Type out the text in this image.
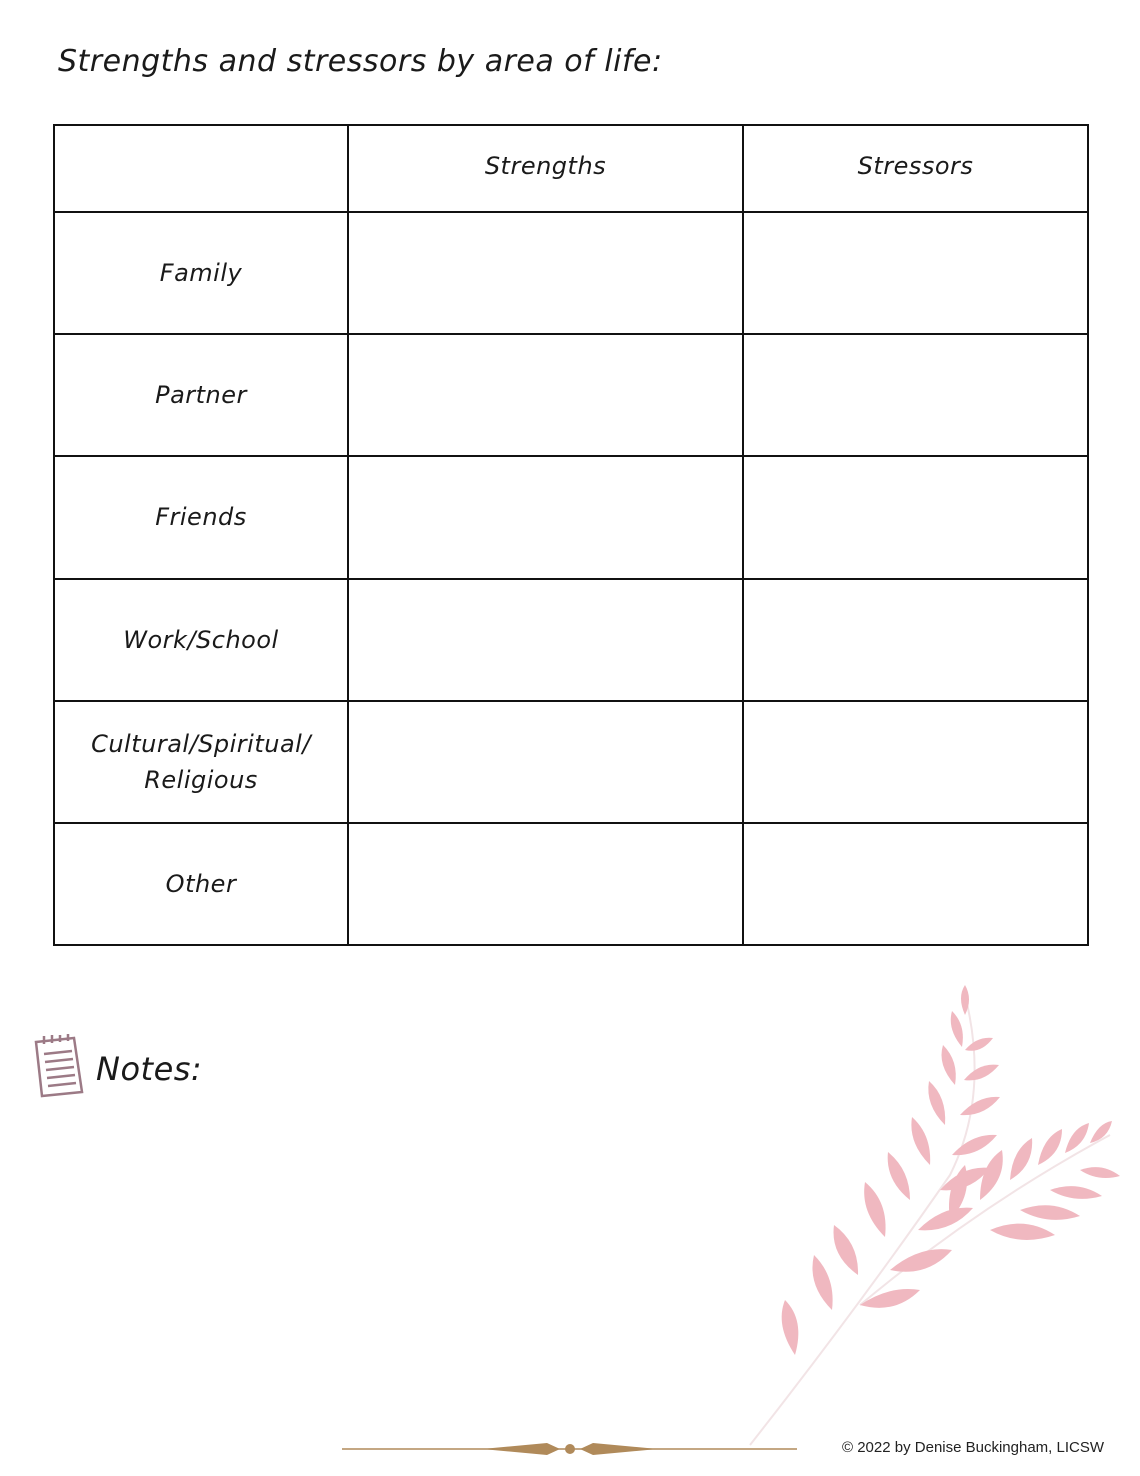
Strengths and stressors by area of life:
	Strengths	Stressors
Family		
Partner		
Friends		
Work/School		
Cultural/Spiritual/ Religious		
Other		
Notes:
© 2022 by Denise Buckingham, LICSW
